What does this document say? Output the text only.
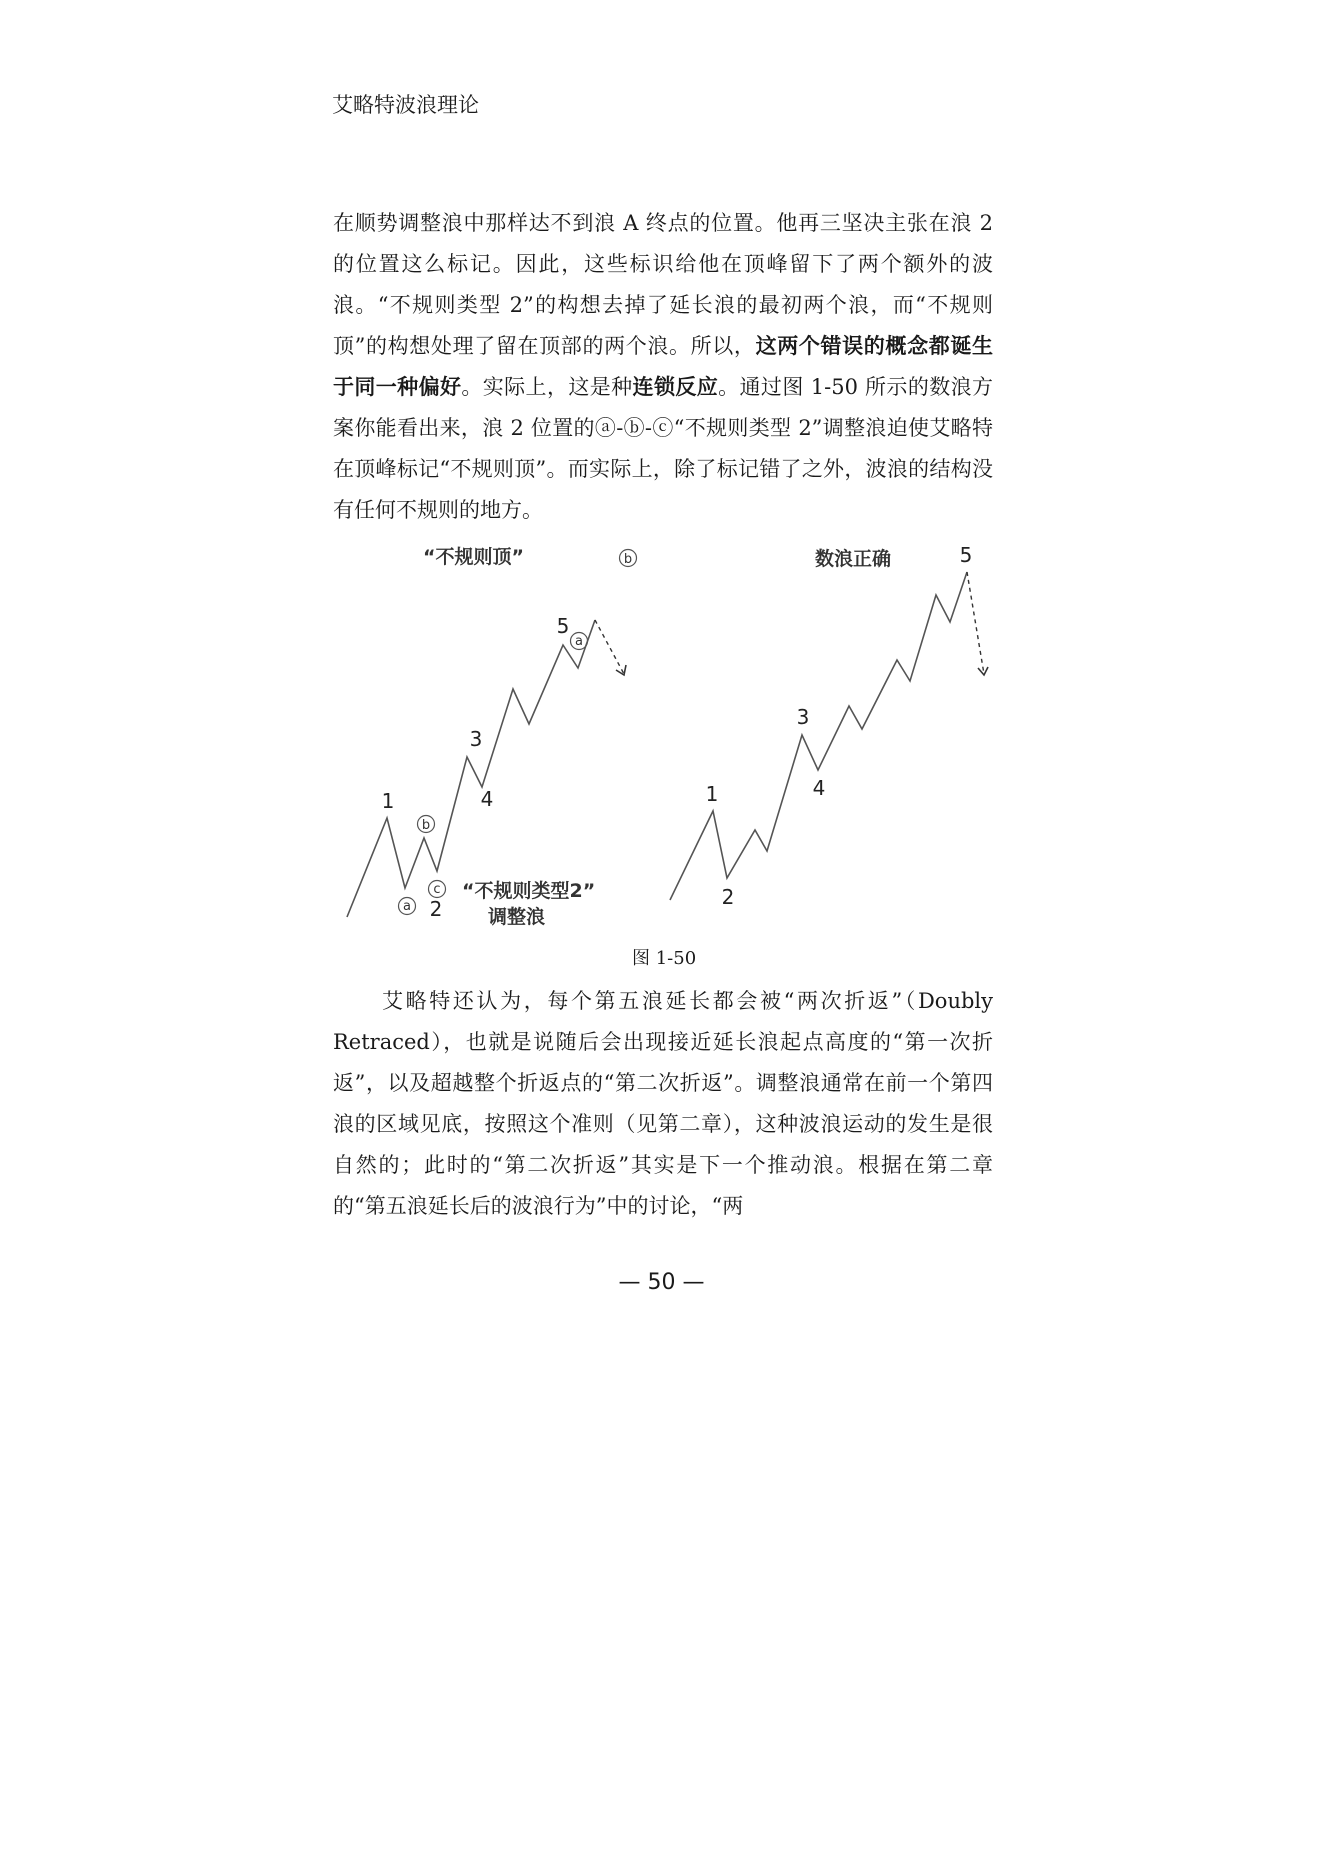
艾略特波浪理论

在顺势调整浪中那样达不到浪 A 终点的位置。他再三坚决主张在浪 2 的位置这么标记。因此，这些标识给他在顶峰留下了两个额外的波浪。“不规则类型 2”的构想去掉了延长浪的最初两个浪，而“不规则顶”的构想处理了留在顶部的两个浪。所以，这两个错误的概念都诞生于同一种偏好。实际上，这是种连锁反应。通过图 1-50 所示的数浪方案你能看出来，浪 2 位置的ⓐ-ⓑ-ⓒ“不规则类型 2”调整浪迫使艾略特在顶峰标记“不规则顶”。而实际上，除了标记错了之外，波浪的结构没有任何不规则的地方。

“不规则顶”	数浪正确
“不规则类型2”
调整浪
1
2
3
4
5
a
b
c
a
b
1
2
3
4
5
图 1-50

艾略特还认为，每个第五浪延长都会被“两次折返”（Doubly Retraced），也就是说随后会出现接近延长浪起点高度的“第一次折返”，以及超越整个折返点的“第二次折返”。调整浪通常在前一个第四浪的区域见底，按照这个准则（见第二章），这种波浪运动的发生是很自然的；此时的“第二次折返”其实是下一个推动浪。根据在第二章的“第五浪延长后的波浪行为”中的讨论，“两

— 50 —
